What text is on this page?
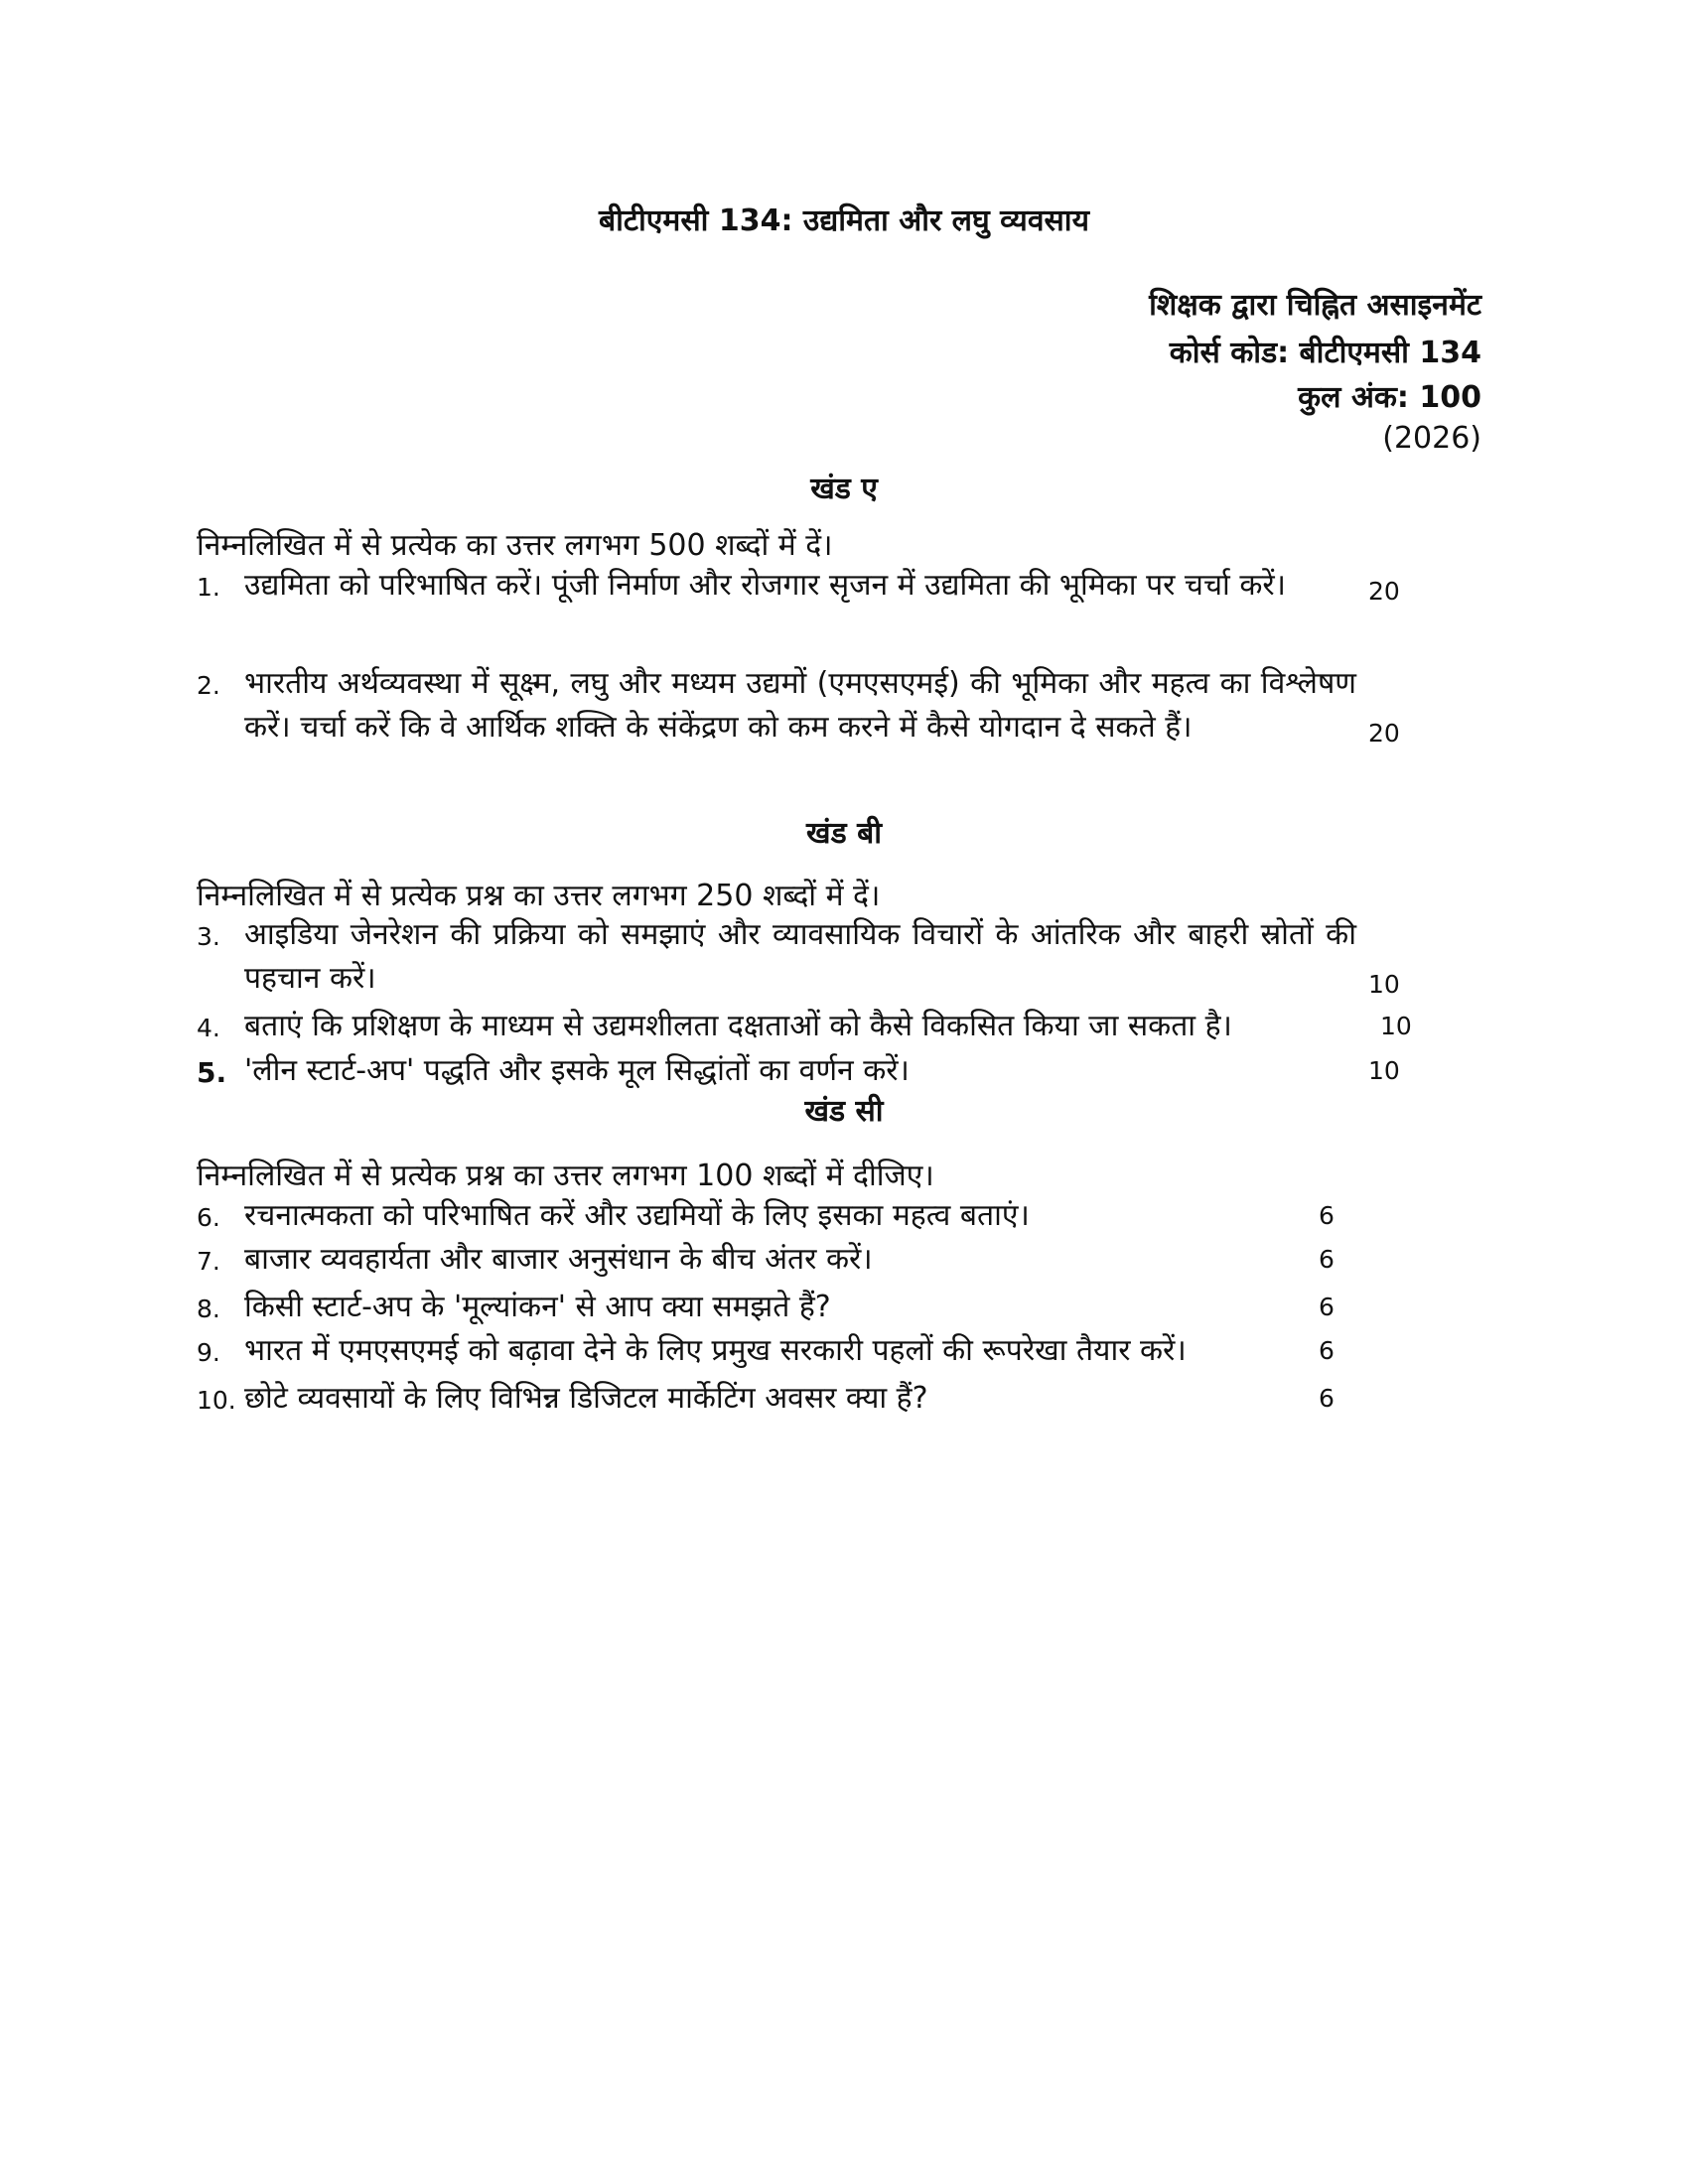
बीटीएमसी 134: उद्यमिता और लघु व्यवसाय
शिक्षक द्वारा चिह्नित असाइनमेंट
कोर्स कोड: बीटीएमसी 134
कुल अंक: 100
(2026)
खंड ए
निम्नलिखित में से प्रत्येक का उत्तर लगभग 500 शब्दों में दें।
1. उद्यमिता को परिभाषित करें। पूंजी निर्माण और रोजगार सृजन में उद्यमिता की भूमिका पर चर्चा करें।	20
2. भारतीय अर्थव्यवस्था में सूक्ष्म, लघु और मध्यम उद्यमों (एमएसएमई) की भूमिका और महत्व का विश्लेषण करें। चर्चा करें कि वे आर्थिक शक्ति के संकेंद्रण को कम करने में कैसे योगदान दे सकते हैं।	20
खंड बी
निम्नलिखित में से प्रत्येक प्रश्न का उत्तर लगभग 250 शब्दों में दें।
3. आइडिया जेनरेशन की प्रक्रिया को समझाएं और व्यावसायिक विचारों के आंतरिक और बाहरी स्रोतों की पहचान करें।	10
4. बताएं कि प्रशिक्षण के माध्यम से उद्यमशीलता दक्षताओं को कैसे विकसित किया जा सकता है।	10
5. 'लीन स्टार्ट-अप' पद्धति और इसके मूल सिद्धांतों का वर्णन करें।	10
खंड सी
निम्नलिखित में से प्रत्येक प्रश्न का उत्तर लगभग 100 शब्दों में दीजिए।
6. रचनात्मकता को परिभाषित करें और उद्यमियों के लिए इसका महत्व बताएं।	6
7. बाजार व्यवहार्यता और बाजार अनुसंधान के बीच अंतर करें।	6
8. किसी स्टार्ट-अप के 'मूल्यांकन' से आप क्या समझते हैं?	6
9. भारत में एमएसएमई को बढ़ावा देने के लिए प्रमुख सरकारी पहलों की रूपरेखा तैयार करें।	6
10. छोटे व्यवसायों के लिए विभिन्न डिजिटल मार्केटिंग अवसर क्या हैं?	6
